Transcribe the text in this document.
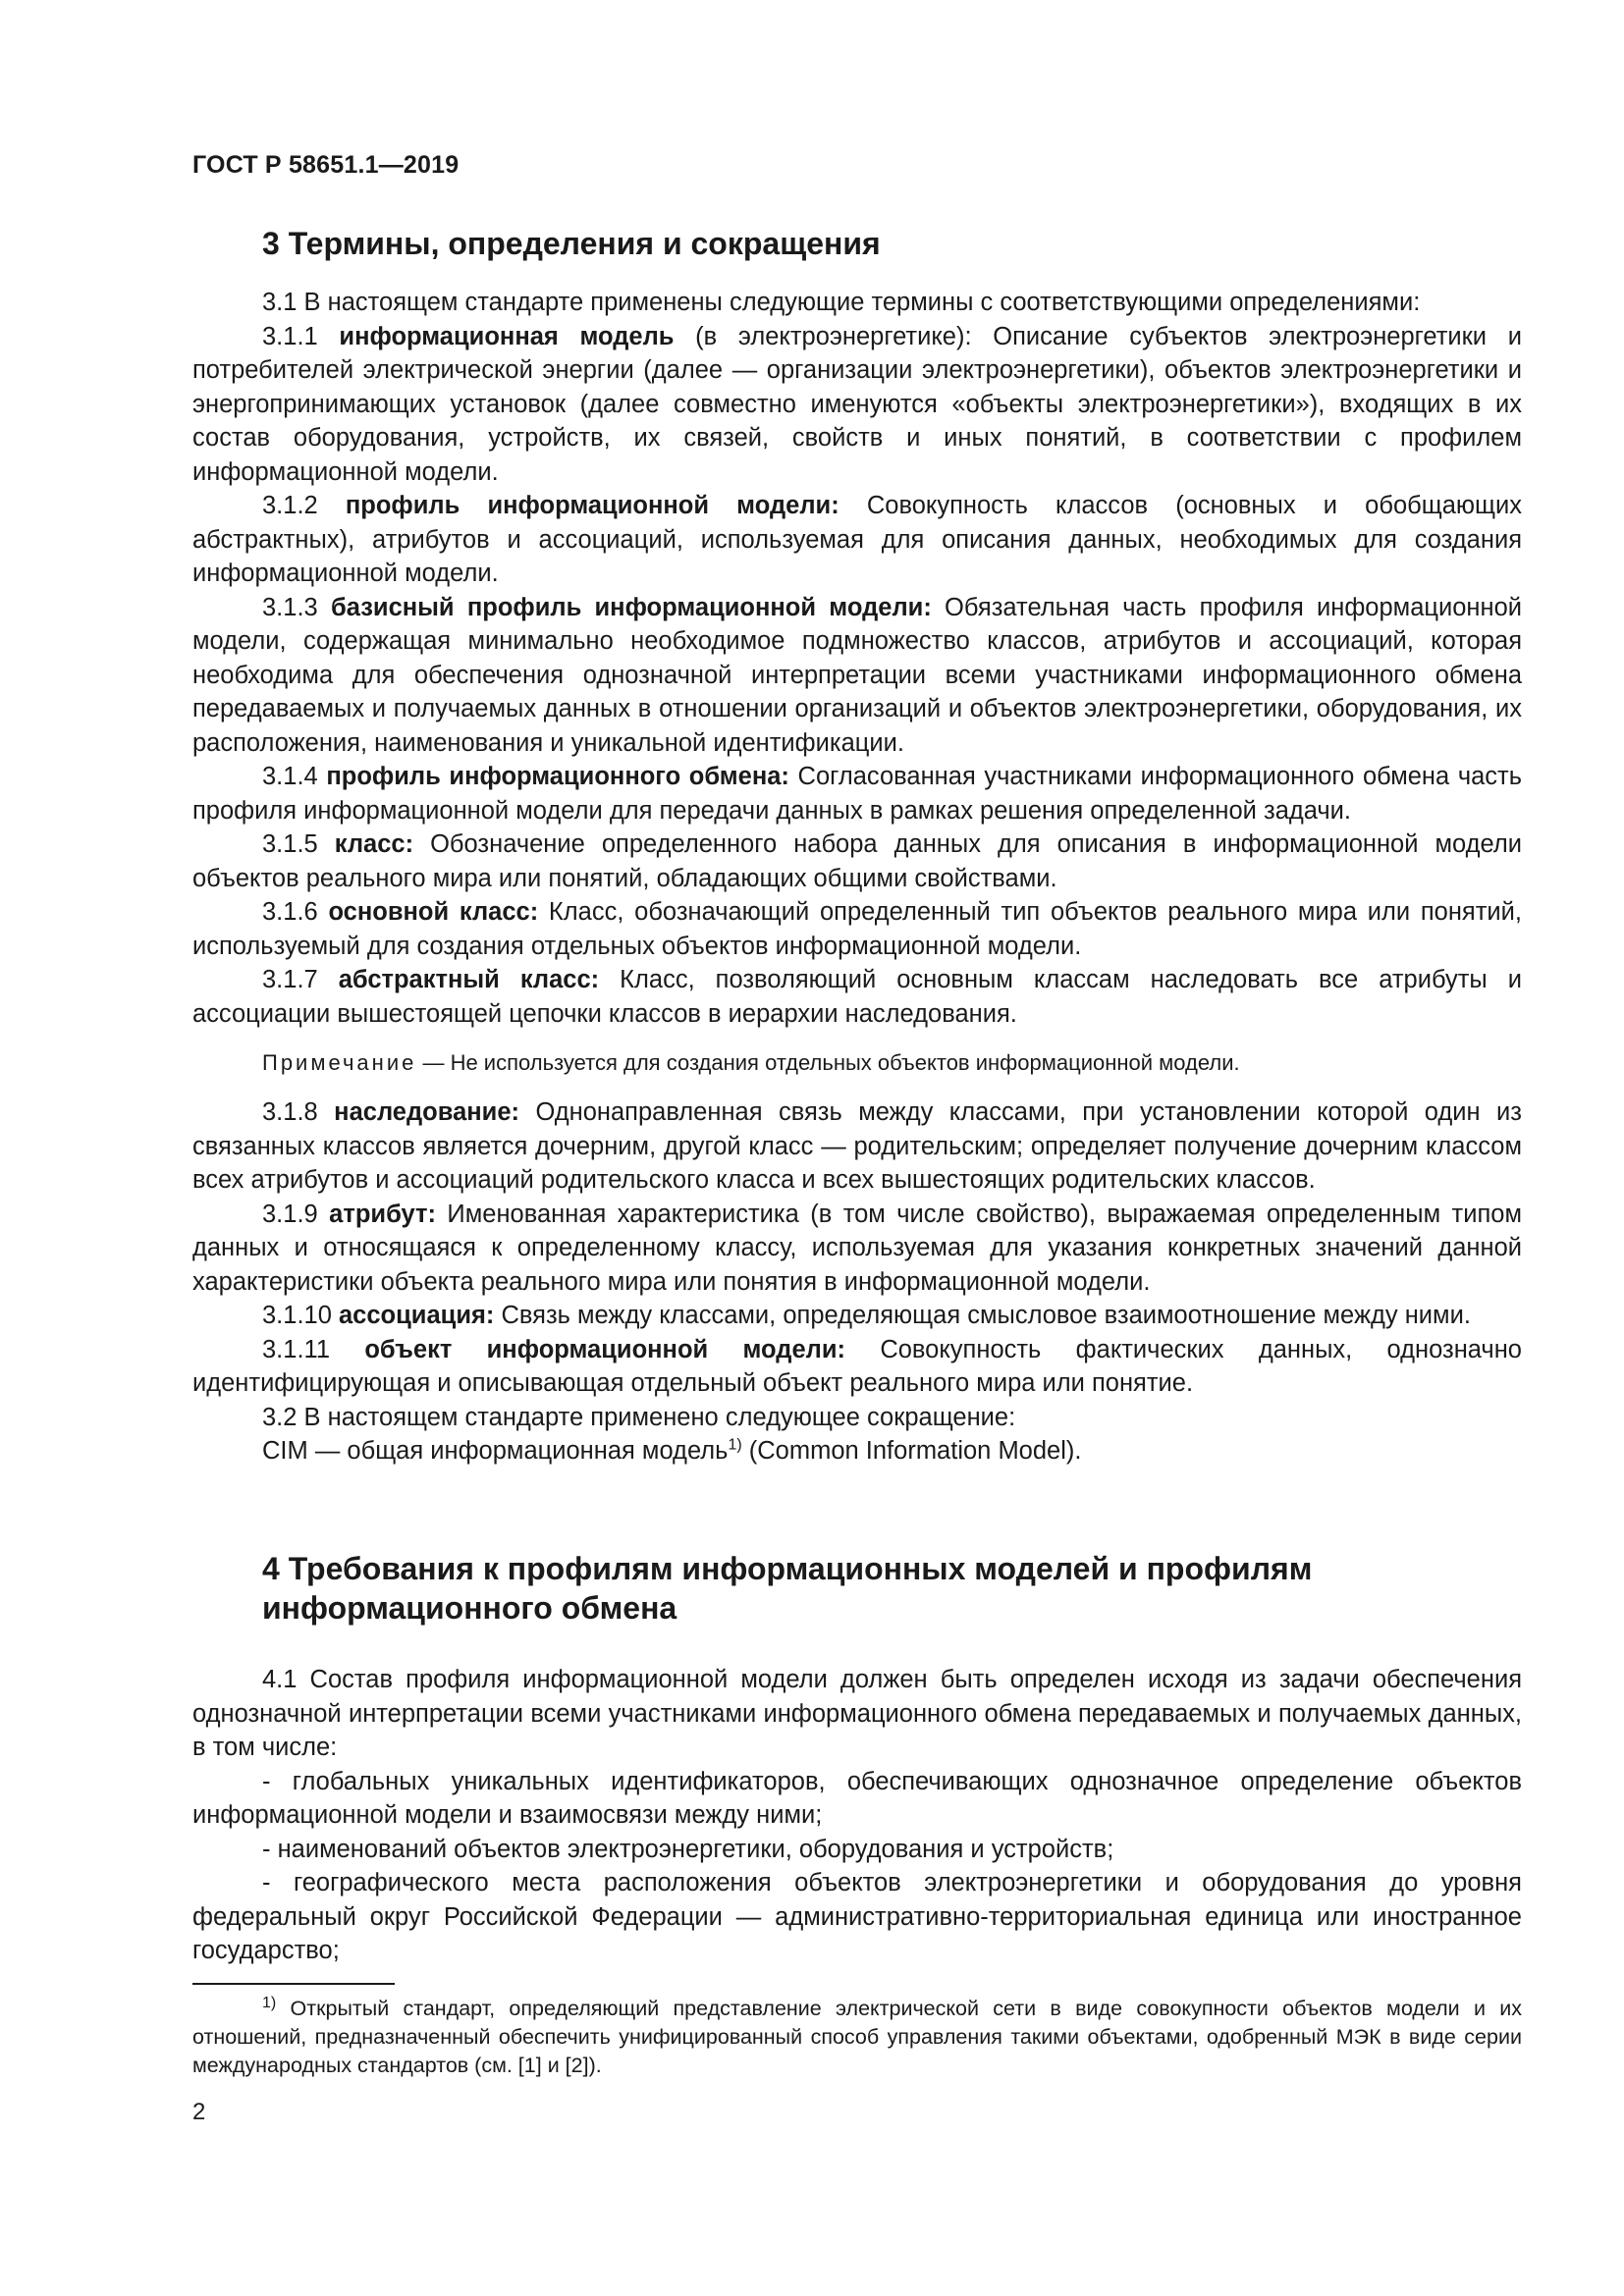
ГОСТ Р 58651.1—2019
3 Термины, определения и сокращения

3.1 В настоящем стандарте применены следующие термины с соответствующими определениями:

3.1.1 информационная модель (в электроэнергетике): Описание субъектов электроэнергетики и потребителей электрической энергии (далее — организации электроэнергетики), объектов электроэнергетики и энергопринимающих установок (далее совместно именуются «объекты электроэнергетики»), входящих в их состав оборудования, устройств, их связей, свойств и иных понятий, в соответствии с профилем информационной модели.

3.1.2 профиль информационной модели: Совокупность классов (основных и обобщающих абстрактных), атрибутов и ассоциаций, используемая для описания данных, необходимых для создания информационной модели.

3.1.3 базисный профиль информационной модели: Обязательная часть профиля информационной модели, содержащая минимально необходимое подмножество классов, атрибутов и ассоциаций, которая необходима для обеспечения однозначной интерпретации всеми участниками информационного обмена передаваемых и получаемых данных в отношении организаций и объектов электроэнергетики, оборудования, их расположения, наименования и уникальной идентификации.

3.1.4 профиль информационного обмена: Согласованная участниками информационного обмена часть профиля информационной модели для передачи данных в рамках решения определенной задачи.

3.1.5 класс: Обозначение определенного набора данных для описания в информационной модели объектов реального мира или понятий, обладающих общими свойствами.

3.1.6 основной класс: Класс, обозначающий определенный тип объектов реального мира или понятий, используемый для создания отдельных объектов информационной модели.

3.1.7 абстрактный класс: Класс, позволяющий основным классам наследовать все атрибуты и ассоциации вышестоящей цепочки классов в иерархии наследования.

Примечание — Не используется для создания отдельных объектов информационной модели.

3.1.8 наследование: Однонаправленная связь между классами, при установлении которой один из связанных классов является дочерним, другой класс — родительским; определяет получение дочерним классом всех атрибутов и ассоциаций родительского класса и всех вышестоящих родительских классов.

3.1.9 атрибут: Именованная характеристика (в том числе свойство), выражаемая определенным типом данных и относящаяся к определенному классу, используемая для указания конкретных значений данной характеристики объекта реального мира или понятия в информационной модели.

3.1.10 ассоциация: Связь между классами, определяющая смысловое взаимоотношение между ними.

3.1.11 объект информационной модели: Совокупность фактических данных, однозначно идентифицирующая и описывающая отдельный объект реального мира или понятие.

3.2 В настоящем стандарте применено следующее сокращение:

CIM — общая информационная модель$^{1)}$ (Common Information Model).

4 Требования к профилям информационных моделей и профилям
информационного обмена

4.1 Состав профиля информационной модели должен быть определен исходя из задачи обеспечения однозначной интерпретации всеми участниками информационного обмена передаваемых и получаемых данных, в том числе:

- глобальных уникальных идентификаторов, обеспечивающих однозначное определение объектов информационной модели и взаимосвязи между ними;

- наименований объектов электроэнергетики, оборудования и устройств;

- географического места расположения объектов электроэнергетики и оборудования до уровня федеральный округ Российской Федерации — административно-территориальная единица или иностранное государство;

$^{1)}$ Открытый стандарт, определяющий представление электрической сети в виде совокупности объектов модели и их отношений, предназначенный обеспечить унифицированный способ управления такими объектами, одобренный МЭК в виде серии международных стандартов (см. [1] и [2]).

2
